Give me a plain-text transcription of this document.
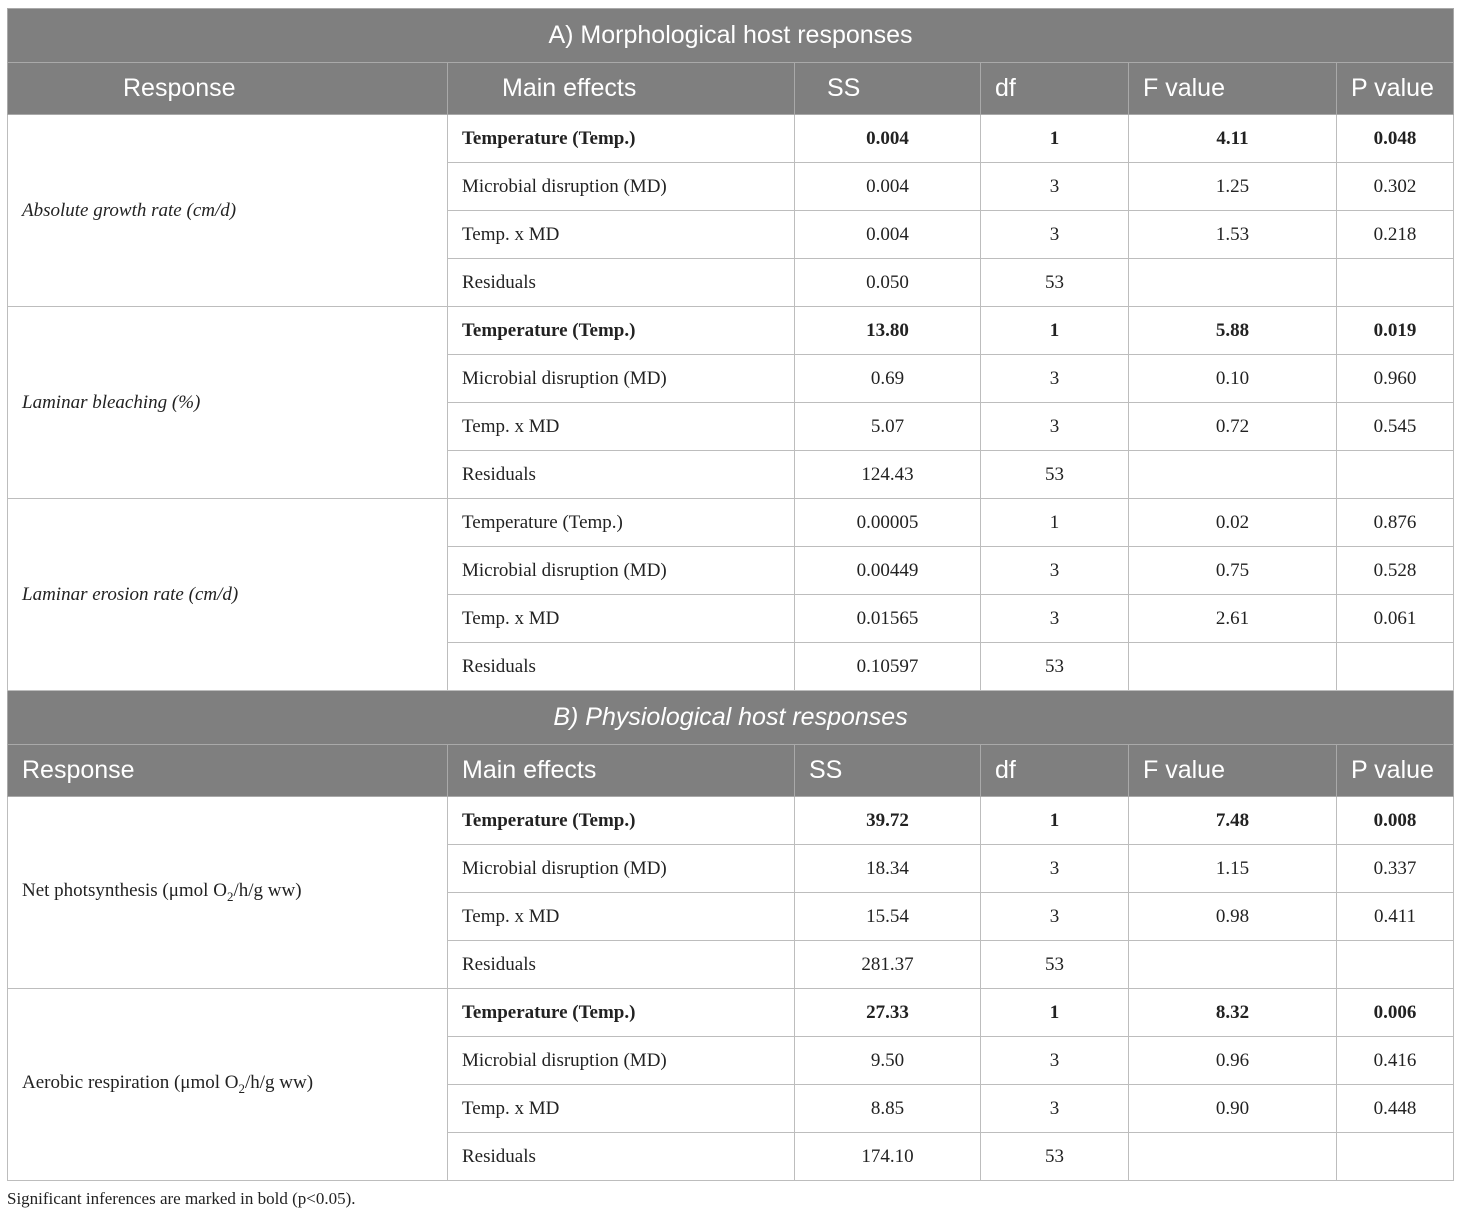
A) Morphological host responses					
Response	Main effects	SS	df	F value	P value
Absolute growth rate (cm/d)	Temperature (Temp.)	0.004	1	4.11	0.048
	Microbial disruption (MD)	0.004	3	1.25	0.302
	Temp. x MD	0.004	3	1.53	0.218
	Residuals	0.050	53		
Laminar bleaching (%)	Temperature (Temp.)	13.80	1	5.88	0.019
	Microbial disruption (MD)	0.69	3	0.10	0.960
	Temp. x MD	5.07	3	0.72	0.545
	Residuals	124.43	53		
Laminar erosion rate (cm/d)	Temperature (Temp.)	0.00005	1	0.02	0.876
	Microbial disruption (MD)	0.00449	3	0.75	0.528
	Temp. x MD	0.01565	3	2.61	0.061
	Residuals	0.10597	53		
B) Physiological host responses					
Response	Main effects	SS	df	F value	P value
Net photsynthesis (μmol $O_2/h/g$ ww)	Temperature (Temp.)	39.72	1	7.48	0.008
	Microbial disruption (MD)	18.34	3	1.15	0.337
	Temp. x MD	15.54	3	0.98	0.411
	Residuals	281.37	53		
Aerobic respiration (μmol $O_2/h/g$ ww)	Temperature (Temp.)	27.33	1	8.32	0.006
	Microbial disruption (MD)	9.50	3	0.96	0.416
	Temp. x MD	8.85	3	0.90	0.448
	Residuals	174.10	53		
Significant inferences are marked in bold (p<0.05).
